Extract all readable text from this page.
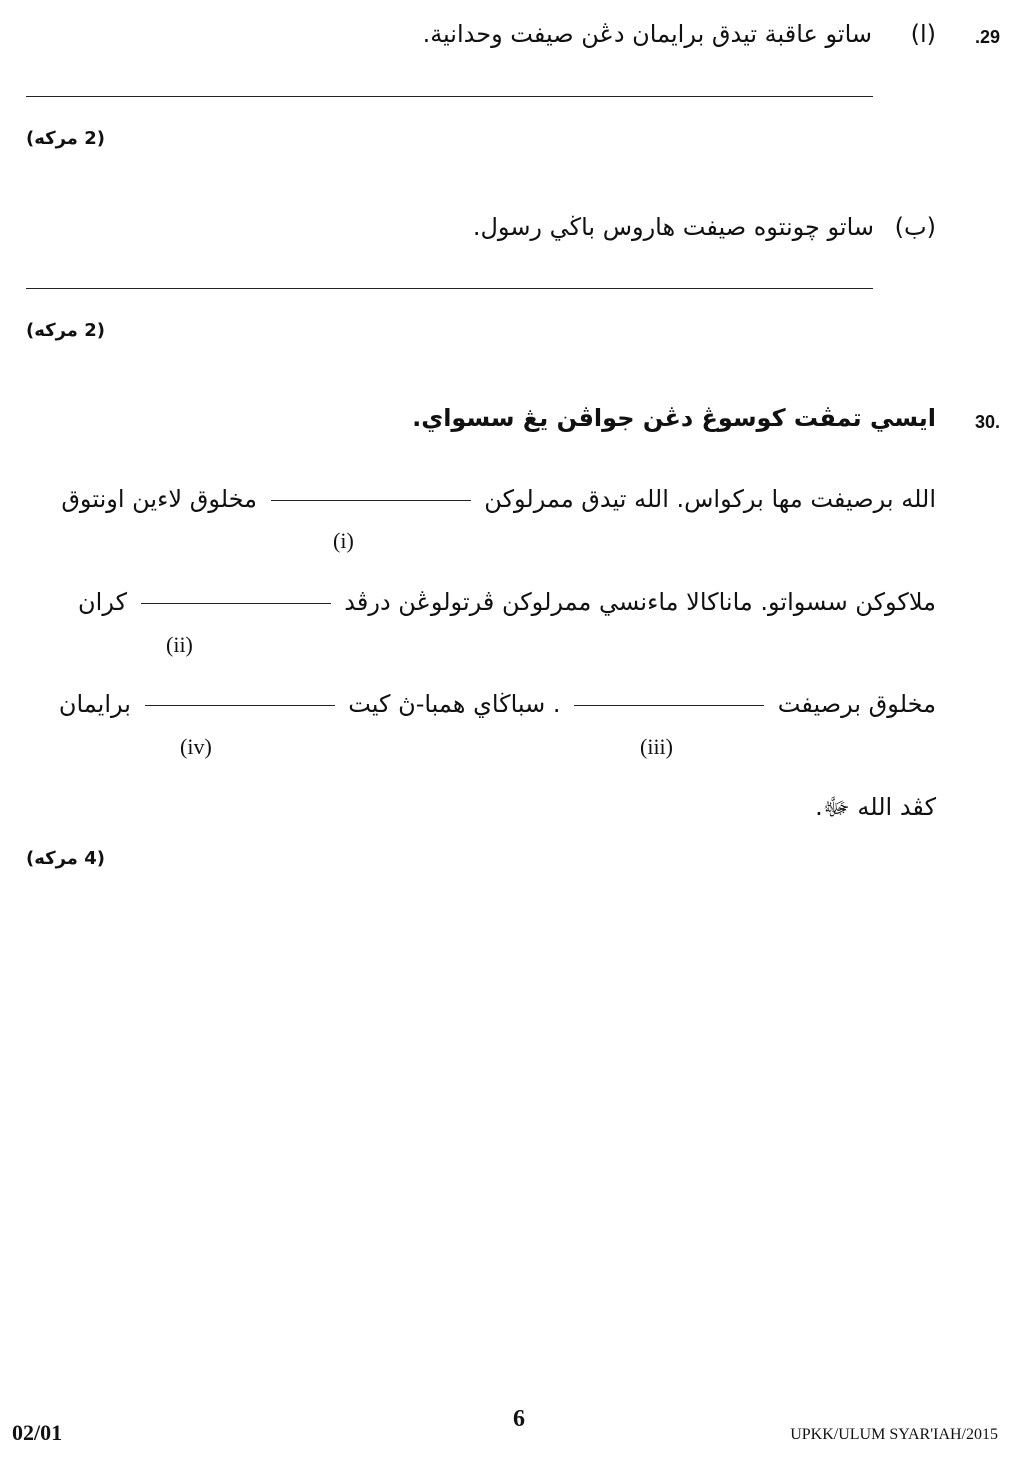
.29
(ا)
ساتو عاقبة تيدق برايمان دڠن صيفت وحدانية.
(2 مركه)
(ب)
ساتو چونتوه صيفت هاروس باڬي رسول.
(2 مركه)
30.
ايسي تمڤت كوسوڠ دڠن جواڤن يڠ سسواي.
الله برصيفت مها بركواس. الله تيدق ممرلوكن  مخلوق لاءين اونتوق
(i)
ملاكوكن سسواتو. ماناكالا ماءنسي ممرلوكن ڤرتولوڠن درڤد  كران
(ii)
مخلوق برصيفت  . سباڬاي همبا-ڽ كيت  برايمان
(iii)
(iv)
كڤد الله ﷻ.
(4 مركه)
02/01
6
UPKK/ULUM SYAR'IAH/2015
